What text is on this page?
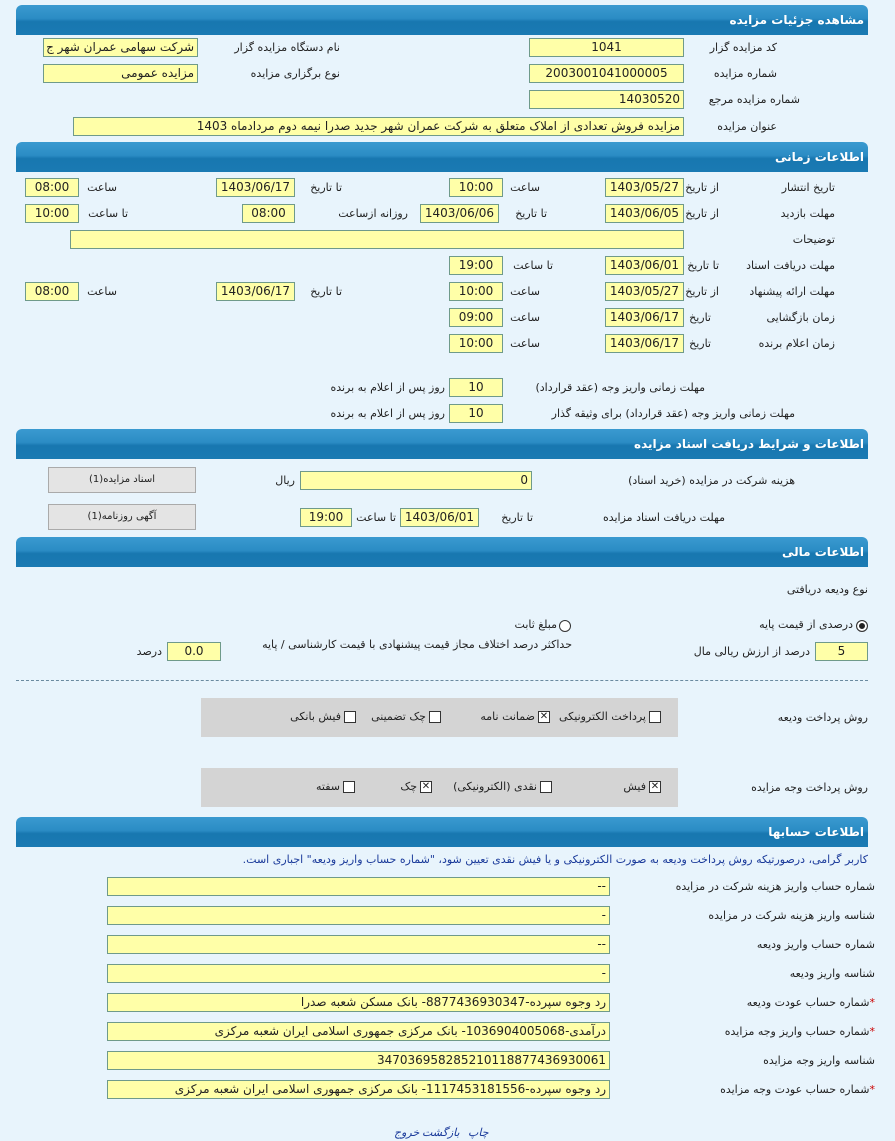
مشاهده جزئیات مزایده
کد مزایده گزار
1041
نام دستگاه مزایده گزار
شرکت سهامی عمران شهر ج
شماره مزایده
2003001041000005
نوع برگزاری مزایده
مزایده عمومی
شماره مزایده مرجع
14030520
عنوان مزایده
مزایده فروش تعدادی از املاک متعلق به شرکت عمران شهر جدید صدرا نیمه دوم مردادماه 1403
اطلاعات زمانی
تاریخ انتشار
از تاریخ
1403/05/27
ساعت
10:00
تا تاریخ
1403/06/17
ساعت
08:00
مهلت بازدید
از تاریخ
1403/06/05
تا تاریخ
1403/06/06
روزانه ازساعت
08:00
تا ساعت
10:00
توضیحات
مهلت دریافت اسناد
تا تاریخ
1403/06/01
تا ساعت
19:00
مهلت ارائه پیشنهاد
از تاریخ
1403/05/27
ساعت
10:00
تا تاریخ
1403/06/17
ساعت
08:00
زمان بازگشایی
تاریخ
1403/06/17
ساعت
09:00
زمان اعلام برنده
تاریخ
1403/06/17
ساعت
10:00
مهلت زمانی واریز وجه (عقد قرارداد)
10
روز پس از اعلام به برنده
مهلت زمانی واریز وجه (عقد قرارداد) برای وثیقه گذار
10
روز پس از اعلام به برنده
اطلاعات و شرایط دریافت اسناد مزایده
هزینه شرکت در مزایده (خرید اسناد)
0
ریال
اسناد مزایده(1)
مهلت دریافت اسناد مزایده
تا تاریخ
1403/06/01
تا ساعت
19:00
آگهی روزنامه(1)
اطلاعات مالی
نوع ودیعه دریافتی
درصدی از قیمت پایه
مبلغ ثابت
5
درصد از ارزش ریالی مال
حداکثر درصد اختلاف مجاز قیمت پیشنهادی با قیمت کارشناسی / پایه
0.0
درصد
روش پرداخت ودیعه
پرداخت الکترونیکی
✕
ضمانت نامه
چک تضمینی
فیش بانکی
روش پرداخت وجه مزایده
✕
فیش
نقدی (الکترونیکی)
✕
چک
سفته
اطلاعات حسابها
کاربر گرامی، درصورتیکه روش پرداخت ودیعه به صورت الکترونیکی و یا فیش نقدی تعیین شود، "شماره حساب واریز ودیعه" اجباری است.
شماره حساب واریز هزینه شرکت در مزایده
--
شناسه واریز هزینه شرکت در مزایده
-
شماره حساب واریز ودیعه
--
شناسه واریز ودیعه
-
*شماره حساب عودت ودیعه
رد وجوه سپرده-8877436930347- بانک مسکن شعبه صدرا
*شماره حساب واریز وجه مزایده
درآمدی-1036904005068- بانک مرکزی جمهوری اسلامی ایران شعبه مرکزی
شناسه واریز وجه مزایده
347036958285210118877436930061
*شماره حساب عودت وجه مزایده
رد وجوه سپرده-1117453181556- بانک مرکزی جمهوری اسلامی ایران شعبه مرکزی
چاپ
بازگشت
خروج
